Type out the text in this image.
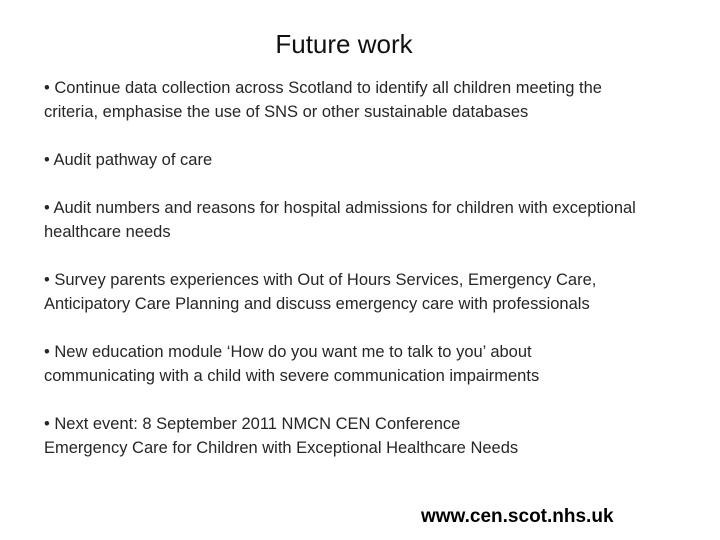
Future work
• Continue data collection across Scotland to identify all children meeting the
criteria, emphasise the use of SNS or other sustainable databases
• Audit pathway of care
• Audit numbers and reasons for hospital admissions for children with exceptional
healthcare needs
• Survey parents experiences with Out of Hours Services, Emergency Care,
Anticipatory Care Planning and discuss emergency care with professionals
• New education module ‘How do you want me to talk to you’ about
communicating with a child with severe communication impairments
• Next event: 8 September 2011 NMCN CEN Conference
Emergency Care for Children with Exceptional Healthcare Needs
www.cen.scot.nhs.uk
